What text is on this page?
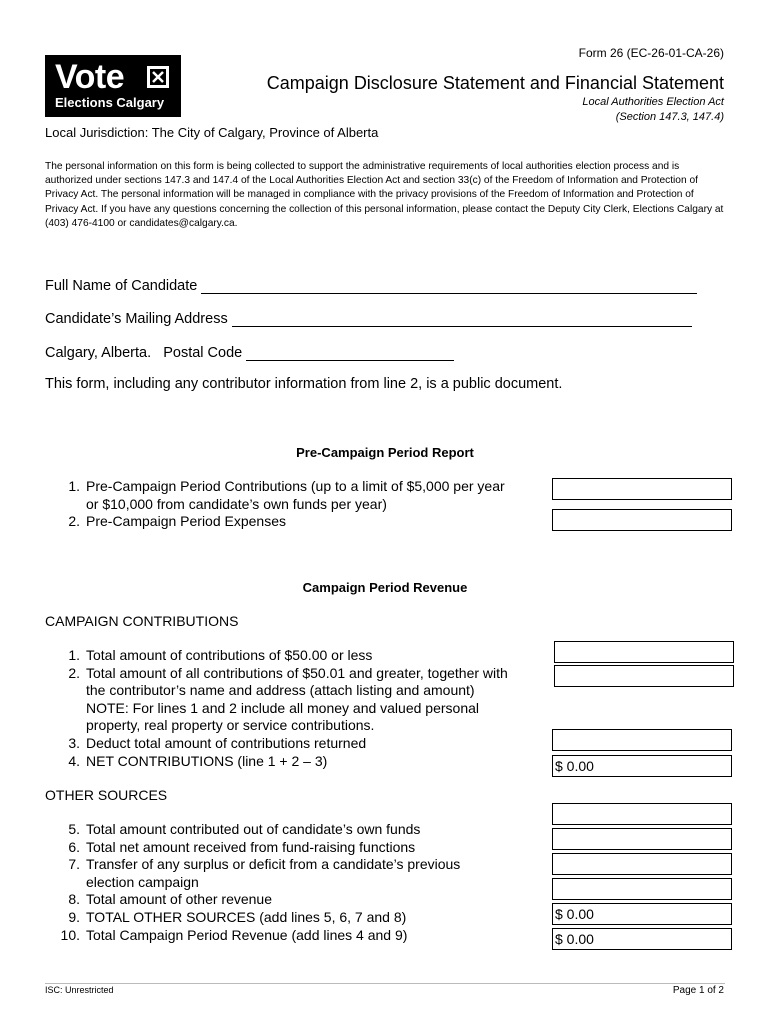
Vote
Elections Calgary
Form 26 (EC-26-01-CA-26)
Campaign Disclosure Statement and Financial Statement
Local Authorities Election Act
(Section 147.3, 147.4)
Local Jurisdiction: The City of Calgary, Province of Alberta
The personal information on this form is being collected to support the administrative requirements of local authorities election process and is authorized under sections 147.3 and 147.4 of the Local Authorities Election Act and section 33(c) of the Freedom of Information and Protection of Privacy Act. The personal information will be managed in compliance with the privacy provisions of the Freedom of Information and Protection of Privacy Act. If you have any questions concerning the collection of this personal information, please contact the Deputy City Clerk, Elections Calgary at (403) 476-4100 or candidates@calgary.ca.
Full Name of Candidate
Candidate’s Mailing Address
Calgary, Alberta.   Postal Code
This form, including any contributor information from line 2, is a public document.
Pre-Campaign Period Report
1. Pre-Campaign Period Contributions (up to a limit of $5,000 per year
or $10,000 from candidate’s own funds per year)
2. Pre-Campaign Period Expenses
Campaign Period Revenue
CAMPAIGN CONTRIBUTIONS
1. Total amount of contributions of $50.00 or less
2. Total amount of all contributions of $50.01 and greater, together with
the contributor’s name and address (attach listing and amount)
NOTE: For lines 1 and 2 include all money and valued personal
property, real property or service contributions.
3. Deduct total amount of contributions returned
4. NET CONTRIBUTIONS (line 1 + 2 – 3)	$ 0.00
OTHER SOURCES
5. Total amount contributed out of candidate’s own funds
6. Total net amount received from fund-raising functions
7. Transfer of any surplus or deficit from a candidate’s previous
election campaign
8. Total amount of other revenue
9. TOTAL OTHER SOURCES (add lines 5, 6, 7 and 8)
10. Total Campaign Period Revenue (add lines 4 and 9)
$ 0.00
$ 0.00
ISC: Unrestricted	Page 1 of 2
